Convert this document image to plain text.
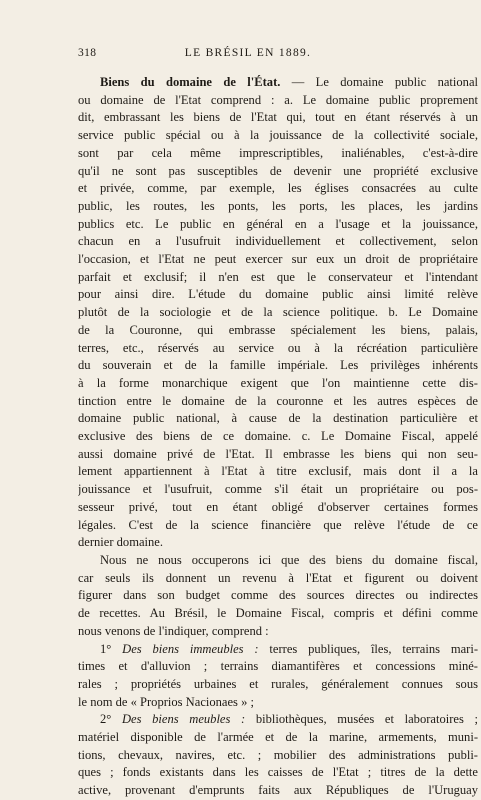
318	LE BRÉSIL EN 1889.
Biens du domaine de l'État. — Le domaine public national
ou domaine de l'Etat comprend : a. Le domaine public proprement
dit, embrassant les biens de l'Etat qui, tout en étant réservés à un
service public spécial ou à la jouissance de la collectivité sociale,
sont par cela même imprescriptibles, inaliénables, c'est-à-dire
qu'il ne sont pas susceptibles de devenir une propriété exclusive
et privée, comme, par exemple, les églises consacrées au culte
public, les routes, les ponts, les ports, les places, les jardins
publics etc. Le public en général en a l'usage et la jouissance,
chacun en a l'usufruit individuellement et collectivement, selon
l'occasion, et l'Etat ne peut exercer sur eux un droit de propriétaire
parfait et exclusif; il n'en est que le conservateur et l'intendant
pour ainsi dire. L'étude du domaine public ainsi limité relève
plutôt de la sociologie et de la science politique. b. Le Domaine
de la Couronne, qui embrasse spécialement les biens, palais,
terres, etc., réservés au service ou à la récréation particulière
du souverain et de la famille impériale. Les privilèges inhérents
à la forme monarchique exigent que l'on maintienne cette dis-
tinction entre le domaine de la couronne et les autres espèces de
domaine public national, à cause de la destination particulière et
exclusive des biens de ce domaine. c. Le Domaine Fiscal, appelé
aussi domaine privé de l'Etat. Il embrasse les biens qui non seu-
lement appartiennent à l'Etat à titre exclusif, mais dont il a la
jouissance et l'usufruit, comme s'il était un propriétaire ou pos-
sesseur privé, tout en étant obligé d'observer certaines formes
légales. C'est de la science financière que relève l'étude de ce
dernier domaine.
Nous ne nous occuperons ici que des biens du domaine fiscal,
car seuls ils donnent un revenu à l'Etat et figurent ou doivent
figurer dans son budget comme des sources directes ou indirectes
de recettes. Au Brésil, le Domaine Fiscal, compris et défini comme
nous venons de l'indiquer, comprend :
1° Des biens immeubles : terres publiques, îles, terrains mari-
times et d'alluvion ; terrains diamantifères et concessions miné-
rales ; propriétés urbaines et rurales, généralement connues sous
le nom de « Proprios Nacionaes » ;
2° Des biens meubles : bibliothèques, musées et laboratoires ;
matériel disponible de l'armée et de la marine, armements, muni-
tions, chevaux, navires, etc. ; mobilier des administrations publi-
ques ; fonds existants dans les caisses de l'Etat ; titres de la dette
active, provenant d'emprunts faits aux Républiques de l'Uruguay
